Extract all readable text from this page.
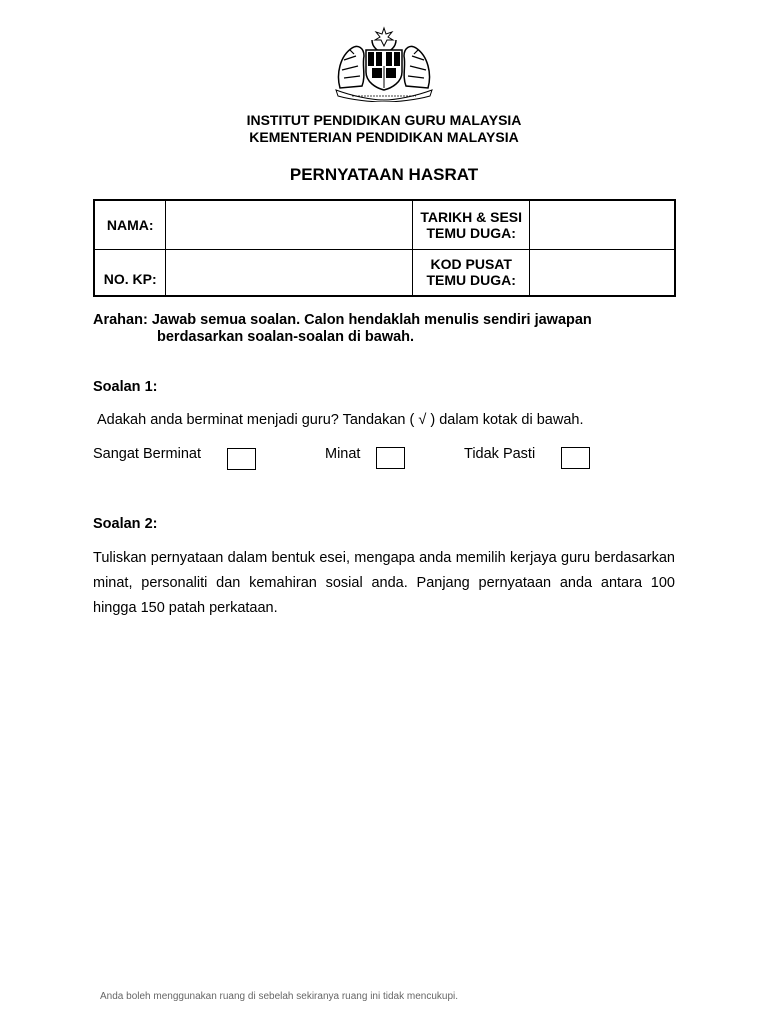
INSTITUT PENDIDIKAN GURU MALAYSIA
KEMENTERIAN PENDIDIKAN MALAYSIA
PERNYATAAN HASRAT
NAMA:		TARIKH & SESI
TEMU DUGA:	

NO. KP:		KOD PUSAT
TEMU DUGA:	

Arahan: Jawab semua soalan. Calon hendaklah menulis sendiri jawapan
berdasarkan soalan-soalan di bawah.
Soalan 1:
Adakah anda berminat menjadi guru? Tandakan ( √ ) dalam kotak di bawah.
Sangat Berminat	Minat	Tidak Pasti
Soalan 2:
Tuliskan pernyataan dalam bentuk esei, mengapa anda memilih kerjaya guru berdasarkan minat, personaliti dan kemahiran sosial anda. Panjang pernyataan anda antara 100 hingga 150 patah perkataan.
Anda boleh menggunakan ruang di sebelah sekiranya ruang ini tidak mencukupi.
